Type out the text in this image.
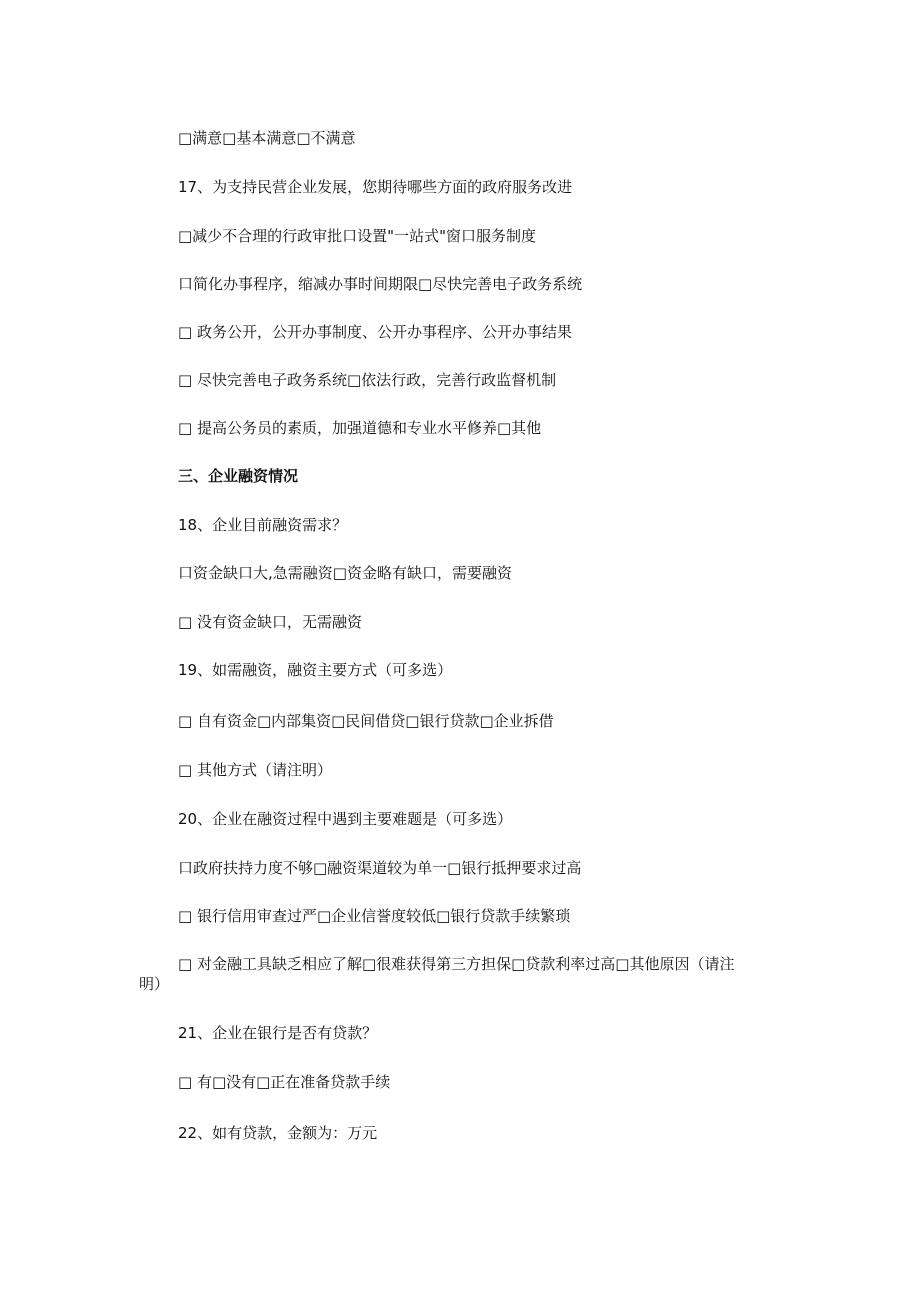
□满意□基本满意□不满意

17、为支持民营企业发展，您期待哪些方面的政府服务改进

□减少不合理的行政审批口设置"一站式"窗口服务制度

口简化办事程序，缩减办事时间期限□尽快完善电子政务系统

□ 政务公开，公开办事制度、公开办事程序、公开办事结果

□ 尽快完善电子政务系统□依法行政，完善行政监督机制

□ 提高公务员的素质，加强道德和专业水平修养□其他

三、企业融资情况

18、企业目前融资需求？

口资金缺口大,急需融资□资金略有缺口，需要融资

□ 没有资金缺口，无需融资

19、如需融资，融资主要方式（可多选）

□ 自有资金□内部集资□民间借贷□银行贷款□企业拆借

□ 其他方式（请注明）

20、企业在融资过程中遇到主要难题是（可多选）

口政府扶持力度不够□融资渠道较为单一□银行抵押要求过高

□ 银行信用审查过严□企业信誉度较低□银行贷款手续繁琐

□ 对金融工具缺乏相应了解□很难获得第三方担保□贷款利率过高□其他原因（请注

明）

21、企业在银行是否有贷款？

□ 有□没有□正在准备贷款手续

22、如有贷款，金额为：万元
